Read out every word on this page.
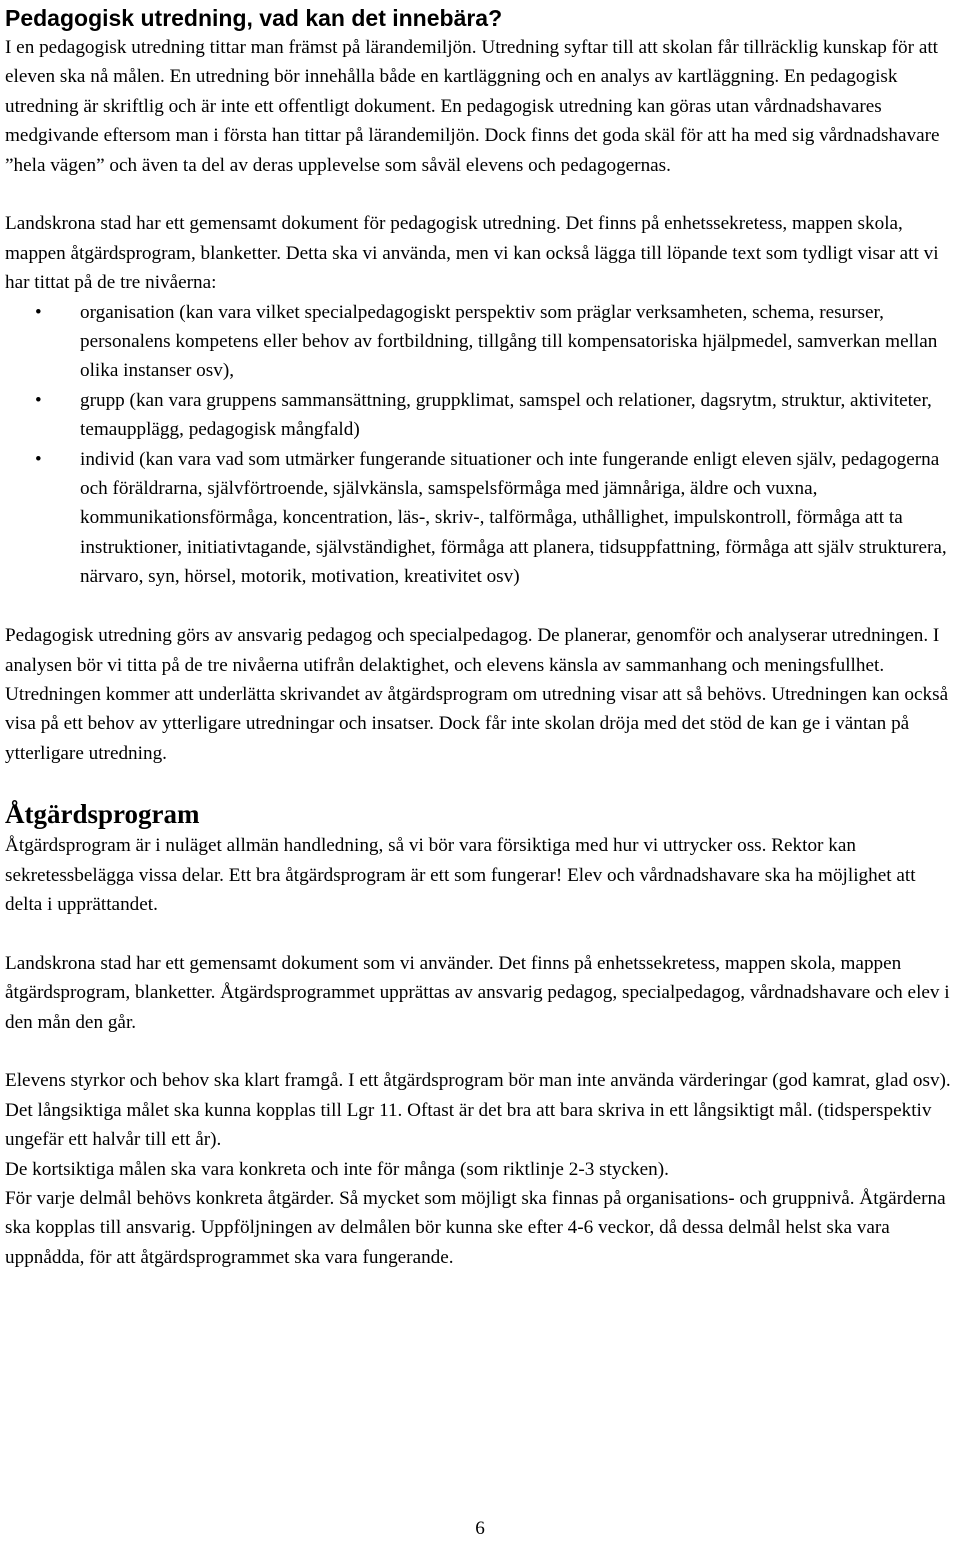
Pedagogisk utredning, vad kan det innebära?

I en pedagogisk utredning tittar man främst på lärandemiljön. Utredning syftar till att skolan får tillräcklig kunskap för att eleven ska nå målen. En utredning bör innehålla både en kartläggning och en analys av kartläggning. En pedagogisk utredning är skriftlig och är inte ett offentligt dokument. En pedagogisk utredning kan göras utan vårdnadshavares medgivande eftersom man i första han tittar på lärandemiljön. Dock finns det goda skäl för att ha med sig vårdnadshavare ”hela vägen” och även ta del av deras upplevelse som såväl elevens och pedagogernas.

Landskrona stad har ett gemensamt dokument för pedagogisk utredning. Det finns på enhetssekretess, mappen skola, mappen åtgärdsprogram, blanketter. Detta ska vi använda, men vi kan också lägga till löpande text som tydligt visar att vi har tittat på de tre nivåerna:

• organisation (kan vara vilket specialpedagogiskt perspektiv som präglar verksamheten, schema, resurser, personalens kompetens eller behov av fortbildning, tillgång till kompensatoriska hjälpmedel, samverkan mellan olika instanser osv),
• grupp (kan vara gruppens sammansättning, gruppklimat, samspel och relationer, dagsrytm, struktur, aktiviteter, temaupplägg, pedagogisk mångfald)
• individ (kan vara vad som utmärker fungerande situationer och inte fungerande enligt eleven själv, pedagogerna och föräldrarna, självförtroende, självkänsla, samspelsförmåga med jämnåriga, äldre och vuxna, kommunikationsförmåga, koncentration, läs-, skriv-, talförmåga, uthållighet, impulskontroll, förmåga att ta instruktioner, initiativtagande, självständighet, förmåga att planera, tidsuppfattning, förmåga att själv strukturera, närvaro, syn, hörsel, motorik, motivation, kreativitet osv)

Pedagogisk utredning görs av ansvarig pedagog och specialpedagog. De planerar, genomför och analyserar utredningen. I analysen bör vi titta på de tre nivåerna utifrån delaktighet, och elevens känsla av sammanhang och meningsfullhet. Utredningen kommer att underlätta skrivandet av åtgärdsprogram om utredning visar att så behövs. Utredningen kan också visa på ett behov av ytterligare utredningar och insatser. Dock får inte skolan dröja med det stöd de kan ge i väntan på ytterligare utredning.

Åtgärdsprogram

Åtgärdsprogram är i nuläget allmän handledning, så vi bör vara försiktiga med hur vi uttrycker oss. Rektor kan sekretessbelägga vissa delar. Ett bra åtgärdsprogram är ett som fungerar! Elev och vårdnadshavare ska ha möjlighet att delta i upprättandet.

Landskrona stad har ett gemensamt dokument som vi använder. Det finns på enhetssekretess, mappen skola, mappen åtgärdsprogram, blanketter. Åtgärdsprogrammet upprättas av ansvarig pedagog, specialpedagog, vårdnadshavare och elev i den mån den går.

Elevens styrkor och behov ska klart framgå. I ett åtgärdsprogram bör man inte använda värderingar (god kamrat, glad osv).

Det långsiktiga målet ska kunna kopplas till Lgr 11. Oftast är det bra att bara skriva in ett långsiktigt mål. (tidsperspektiv ungefär ett halvår till ett år).

De kortsiktiga målen ska vara konkreta och inte för många (som riktlinje 2-3 stycken).

För varje delmål behövs konkreta åtgärder. Så mycket som möjligt ska finnas på organisations- och gruppnivå. Åtgärderna ska kopplas till ansvarig. Uppföljningen av delmålen bör kunna ske efter 4-6 veckor, då dessa delmål helst ska vara uppnådda, för att åtgärdsprogrammet ska vara fungerande.

6
